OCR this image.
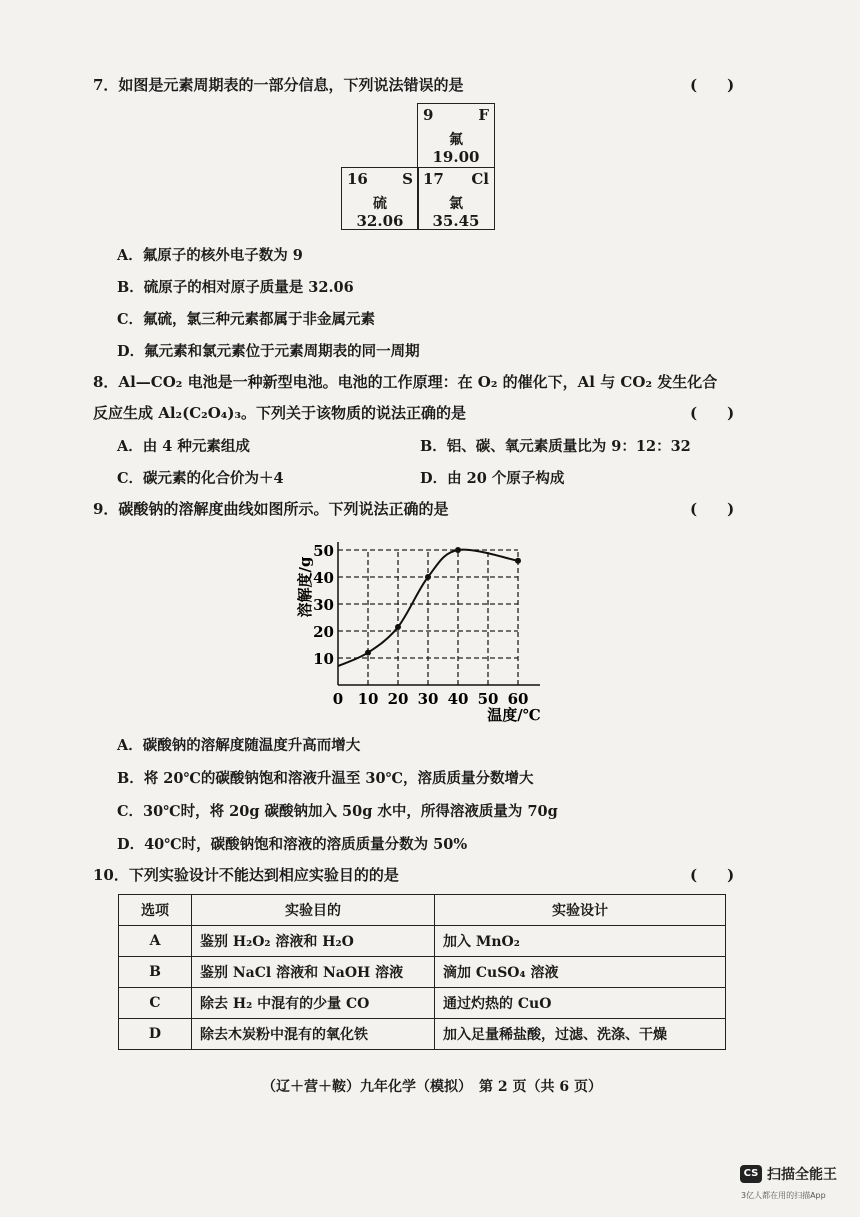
7．如图是元素周期表的一部分信息，下列说法错误的是	(　　)
9	F
氟
19.00
16 S
硫
32.06
17 Cl
氯
35.45
A．氟原子的核外电子数为 9
B．硫原子的相对原子质量是 32.06
C．氟硫，氯三种元素都属于非金属元素
D．氟元素和氯元素位于元素周期表的同一周期
8．Al—CO₂ 电池是一种新型电池。电池的工作原理：在 O₂ 的催化下，Al 与 CO₂ 发生化合
反应生成 Al₂(C₂O₄)₃。下列关于该物质的说法正确的是	(　　)
A．由 4 种元素组成	B．铝、碳、氧元素质量比为 9：12：32
C．碳元素的化合价为＋4	D．由 20 个原子构成
9．碳酸钠的溶解度曲线如图所示。下列说法正确的是	(　　)
10
20
30
40
50
0 10 20 30 40 50 60
溶解度/g
温度/℃
A．碳酸钠的溶解度随温度升高而增大
B．将 20℃的碳酸钠饱和溶液升温至 30℃，溶质质量分数增大
C．30℃时，将 20g 碳酸钠加入 50g 水中，所得溶液质量为 70g
D．40℃时，碳酸钠饱和溶液的溶质质量分数为 50%
10．下列实验设计不能达到相应实验目的的是	(　　)
选项	实验目的	实验设计
A	鉴别 H₂O₂ 溶液和 H₂O	加入 MnO₂
B	鉴别 NaCl 溶液和 NaOH 溶液	滴加 CuSO₄ 溶液
C	除去 H₂ 中混有的少量 CO	通过灼热的 CuO
D	除去木炭粉中混有的氧化铁	加入足量稀盐酸，过滤、洗涤、干燥
（辽＋营＋鞍）九年化学（模拟）　第 2 页（共 6 页）
CS 扫描全能王
3亿人都在用的扫描App
